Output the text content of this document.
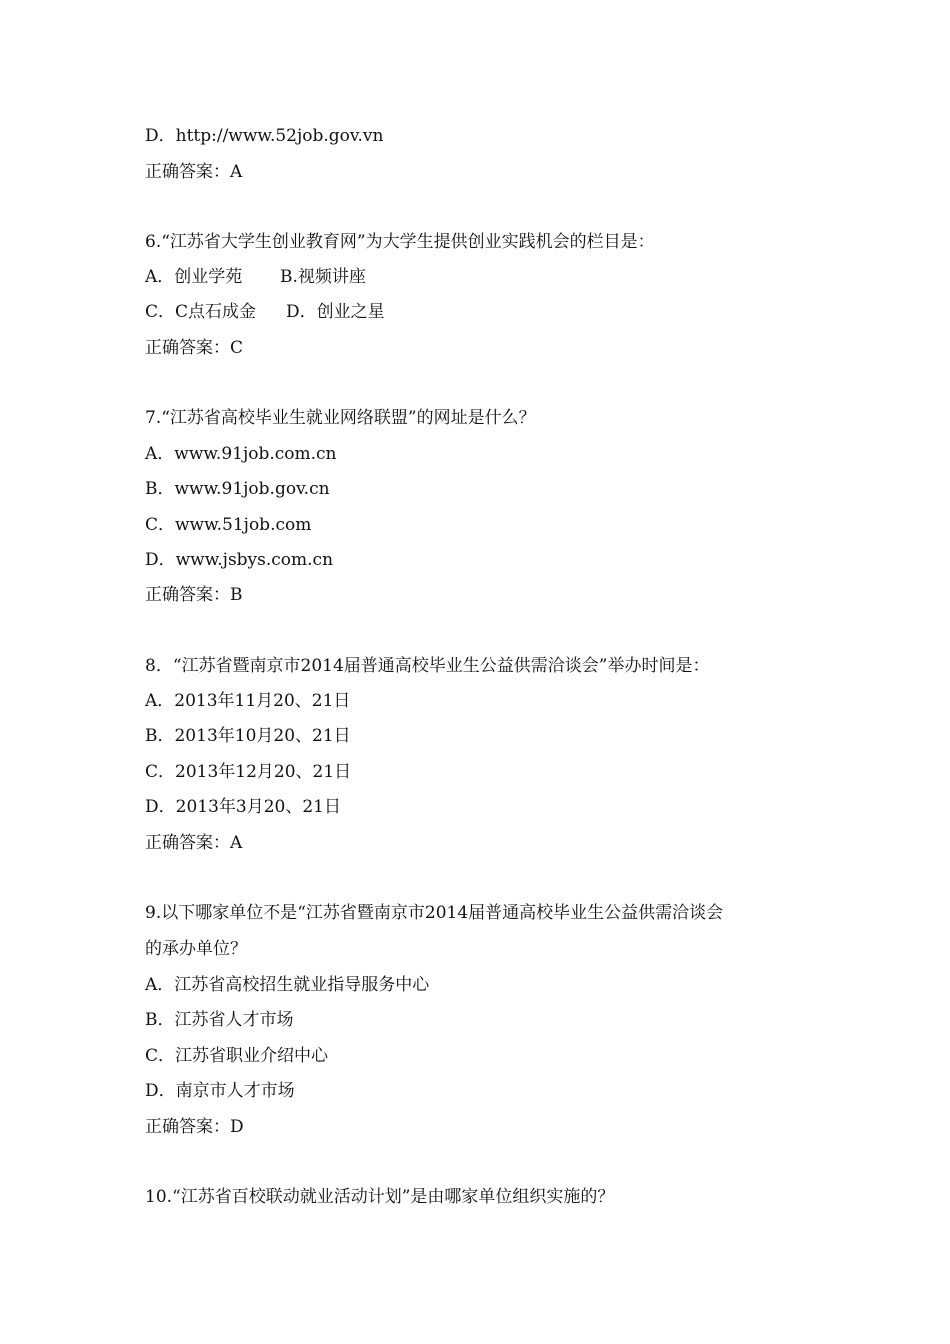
D．http://www.52job.gov.vn
正确答案：A
6.“江苏省大学生创业教育网”为大学生提供创业实践机会的栏目是：
A．创业学苑 B.视频讲座
C．C点石成金 D．创业之星
正确答案：C
7.“江苏省高校毕业生就业网络联盟”的网址是什么？
A．www.91job.com.cn
B．www.91job.gov.cn
C．www.51job.com
D．www.jsbys.com.cn
正确答案：B
8．“江苏省暨南京市2014届普通高校毕业生公益供需洽谈会”举办时间是：
A．2013年11月20、21日
B．2013年10月20、21日
C．2013年12月20、21日
D．2013年3月20、21日
正确答案：A
9.以下哪家单位不是“江苏省暨南京市2014届普通高校毕业生公益供需洽谈会
的承办单位？
A．江苏省高校招生就业指导服务中心
B．江苏省人才市场
C．江苏省职业介绍中心
D．南京市人才市场
正确答案：D
10.“江苏省百校联动就业活动计划”是由哪家单位组织实施的？
